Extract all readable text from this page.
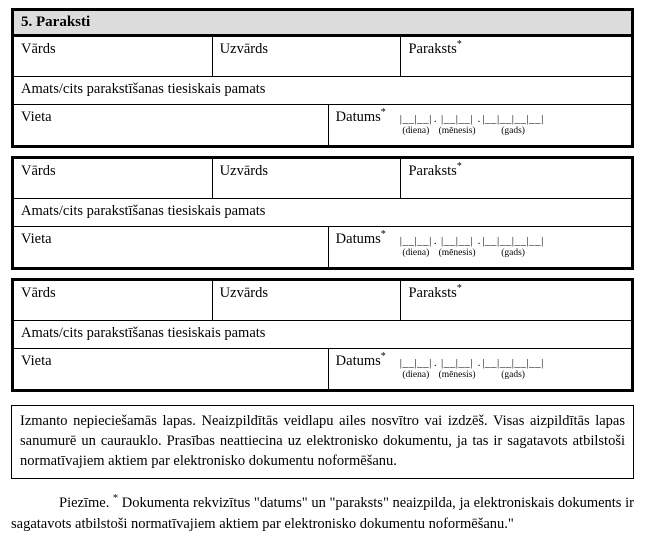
5. Paraksti
Vārds	Uzvārds	Paraksts*
Amats/cits parakstīšanas tiesiskais pamats
Vieta	Datums*
|__|__|
(diena)
. |__|__|
(mēnesis)
. |__|__|__|__|
(gads)
Vārds	Uzvārds	Paraksts*
Amats/cits parakstīšanas tiesiskais pamats
Vieta	Datums*
|__|__|
(diena)
. |__|__|
(mēnesis)
. |__|__|__|__|
(gads)
Vārds	Uzvārds	Paraksts*
Amats/cits parakstīšanas tiesiskais pamats
Vieta	Datums*
|__|__|
(diena)
. |__|__|
(mēnesis)
. |__|__|__|__|
(gads)
Izmanto nepieciešamās lapas. Neaizpildītās veidlapu ailes nosvītro vai izdzēš. Visas aizpildītās lapas sanumurē un caurauklo. Prasības neattiecina uz elektronisko dokumentu, ja tas ir sagatavots atbilstoši normatīvajiem aktiem par elektronisko dokumentu noformēšanu.

Piezīme. * Dokumenta rekvizītus "datums" un "paraksts" neaizpilda, ja elektroniskais dokuments ir sagatavots atbilstoši normatīvajiem aktiem par elektronisko dokumentu noformēšanu."
